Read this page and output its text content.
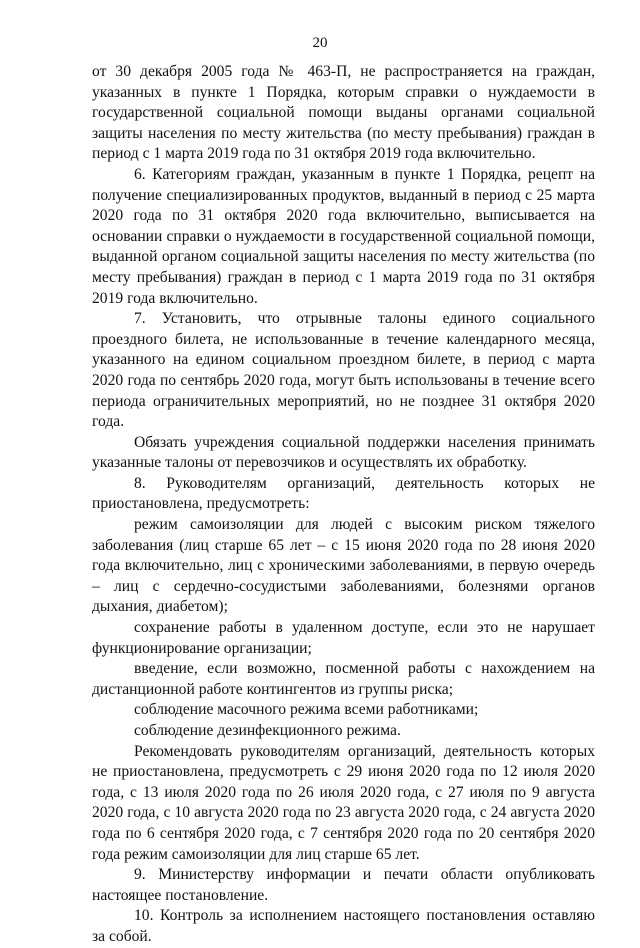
20

от 30 декабря 2005 года № 463-П, не распространяется на граждан, указанных в пункте 1 Порядка, которым справки о нуждаемости в государственной социальной помощи выданы органами социальной защиты населения по месту жительства (по месту пребывания) граждан в период с 1 марта 2019 года по 31 октября 2019 года включительно.

6. Категориям граждан, указанным в пункте 1 Порядка, рецепт на получение специализированных продуктов, выданный в период с 25 марта 2020 года по 31 октября 2020 года включительно, выписывается на основании справки о нуждаемости в государственной социальной помощи, выданной органом социальной защиты населения по месту жительства (по месту пребывания) граждан в период с 1 марта 2019 года по 31 октября 2019 года включительно.

7. Установить, что отрывные талоны единого социального проездного билета, не использованные в течение календарного месяца, указанного на едином социальном проездном билете, в период с марта 2020 года по сентябрь 2020 года, могут быть использованы в течение всего периода ограничительных мероприятий, но не позднее 31 октября 2020 года.

Обязать учреждения социальной поддержки населения принимать указанные талоны от перевозчиков и осуществлять их обработку.

8. Руководителям организаций, деятельность которых не приостановлена, предусмотреть:

режим самоизоляции для людей с высоким риском тяжелого заболевания (лиц старше 65 лет – с 15 июня 2020 года по 28 июня 2020 года включительно, лиц с хроническими заболеваниями, в первую очередь – лиц с сердечно-сосудистыми заболеваниями, болезнями органов дыхания, диабетом);

сохранение работы в удаленном доступе, если это не нарушает функционирование организации;

введение, если возможно, посменной работы с нахождением на дистанционной работе контингентов из группы риска;

соблюдение масочного режима всеми работниками;

соблюдение дезинфекционного режима.

Рекомендовать руководителям организаций, деятельность которых не приостановлена, предусмотреть с 29 июня 2020 года по 12 июля 2020 года, с 13 июля 2020 года по 26 июля 2020 года, с 27 июля по 9 августа 2020 года, с 10 августа 2020 года по 23 августа 2020 года, с 24 августа 2020 года по 6 сентября 2020 года, с 7 сентября 2020 года по 20 сентября 2020 года режим самоизоляции для лиц старше 65 лет.

9. Министерству информации и печати области опубликовать настоящее постановление.

10. Контроль за исполнением настоящего постановления оставляю за собой.
